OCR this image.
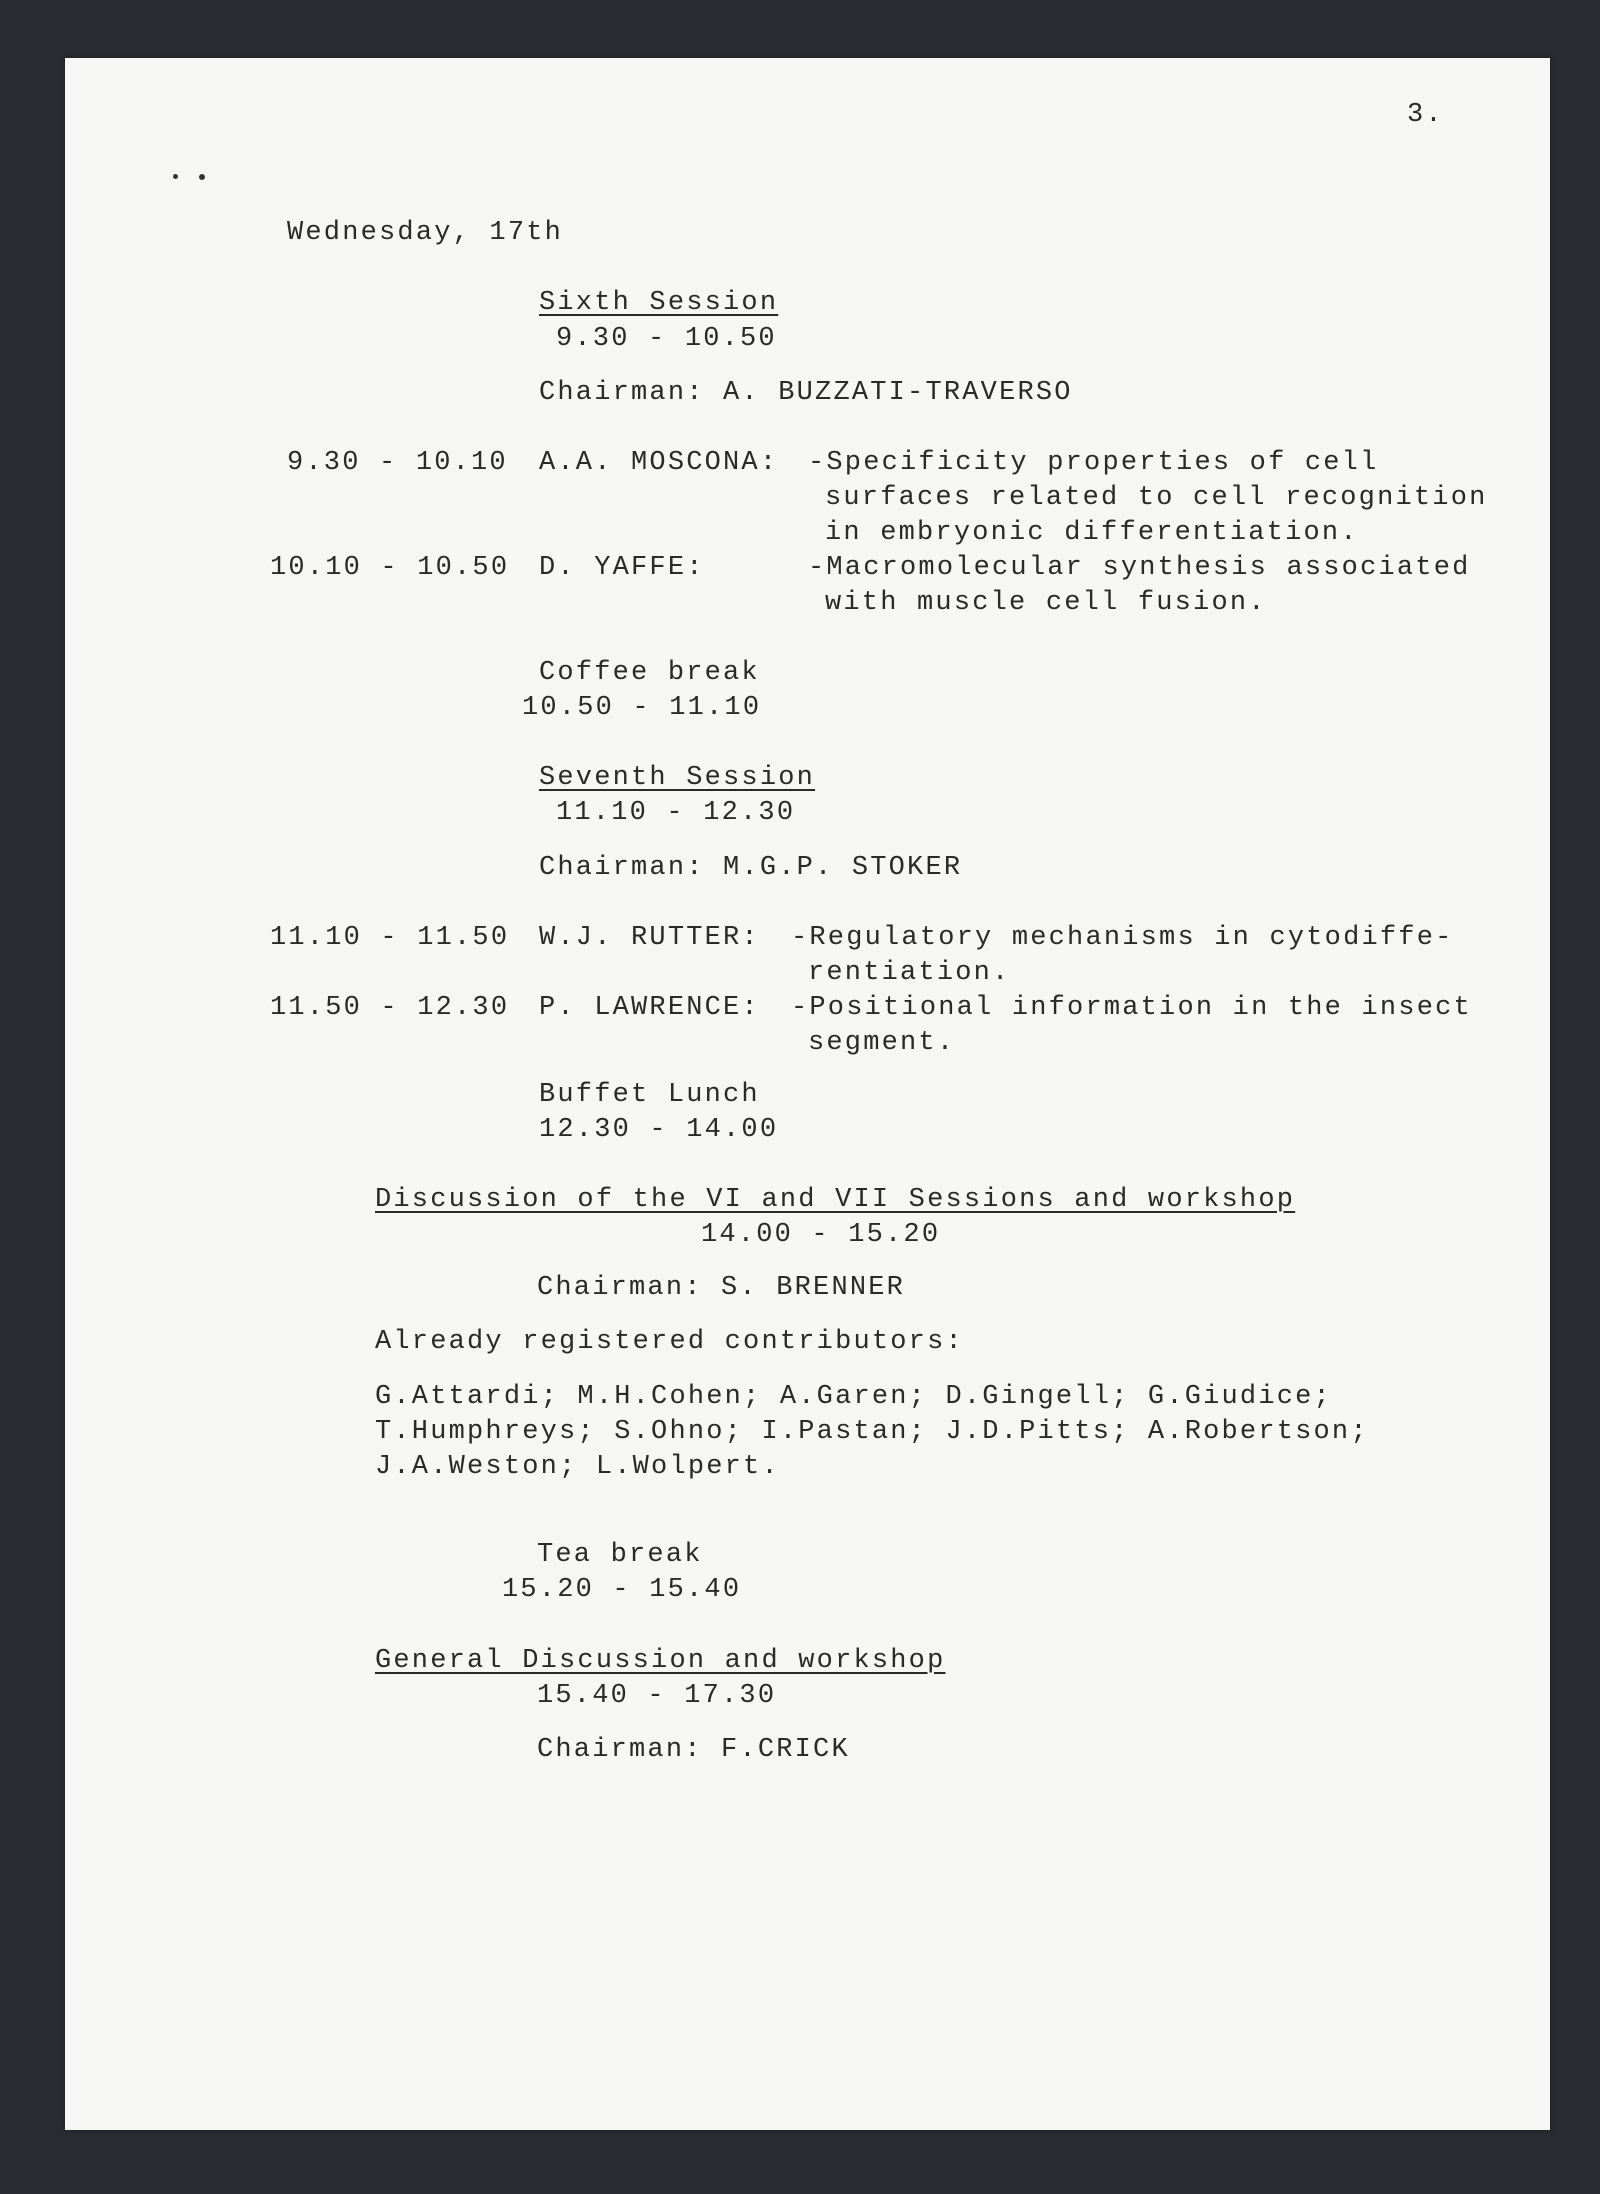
3.

Wednesday, 17th

Sixth Session

9.30 - 10.50

Chairman: A. BUZZATI-TRAVERSO

9.30 - 10.10 A.A. MOSCONA: -Specificity properties of cell

surfaces related to cell recognition

in embryonic differentiation.

10.10 - 10.50 D. YAFFE:	-Macromolecular synthesis associated

with muscle cell fusion.

Coffee break

10.50 - 11.10

Seventh Session

11.10 - 12.30

Chairman: M.G.P. STOKER

11.10 - 11.50 W.J. RUTTER: -Regulatory mechanisms in cytodiffe-

rentiation.

11.50 - 12.30 P. LAWRENCE: -Positional information in the insect

segment.

Buffet Lunch

12.30 - 14.00

Discussion of the VI and VII Sessions and workshop

14.00 - 15.20

Chairman: S. BRENNER

Already registered contributors:

G.Attardi; M.H.Cohen; A.Garen; D.Gingell; G.Giudice;

T.Humphreys; S.Ohno; I.Pastan; J.D.Pitts; A.Robertson;

J.A.Weston; L.Wolpert.

Tea break

15.20 - 15.40

General Discussion and workshop

15.40 - 17.30

Chairman: F.CRICK
